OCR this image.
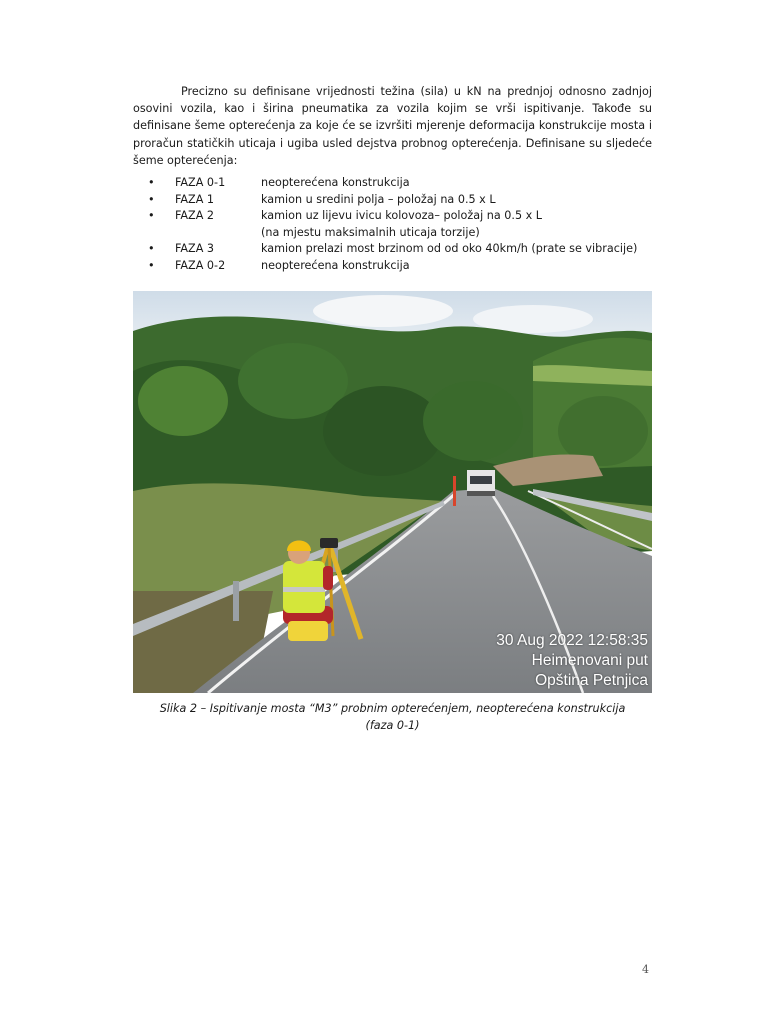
Precizno su definisane vrijednosti težina (sila) u kN na prednjoj odnosno zadnjoj osovini vozila, kao i širina pneumatika za vozila kojim se vrši ispitivanje. Takođe su definisane šeme opterećenja za koje će se izvršiti mjerenje deformacija konstrukcije mosta i proračun statičkih uticaja i ugiba usled dejstva probnog opterećenja. Definisane su sljedeće šeme opterećenja:

•	FAZA 0-1	neopterećena konstrukcija
•	FAZA 1	kamion u sredini polja – položaj na 0.5 x L
•	FAZA 2	kamion uz lijevu ivicu kolovoza– položaj na 0.5 x L
(na mjestu maksimalnih uticaja torzije)
•	FAZA 3	kamion prelazi most brzinom od od oko 40km/h (prate se vibracije)
•	FAZA 0-2	neopterećena konstrukcija
30 Aug 2022 12:58:35
Heimenovani put
Opština Petnjica

Slika 2 – Ispitivanje mosta “M3” probnim opterećenjem, neopterećena konstrukcija
(faza 0-1)

4
